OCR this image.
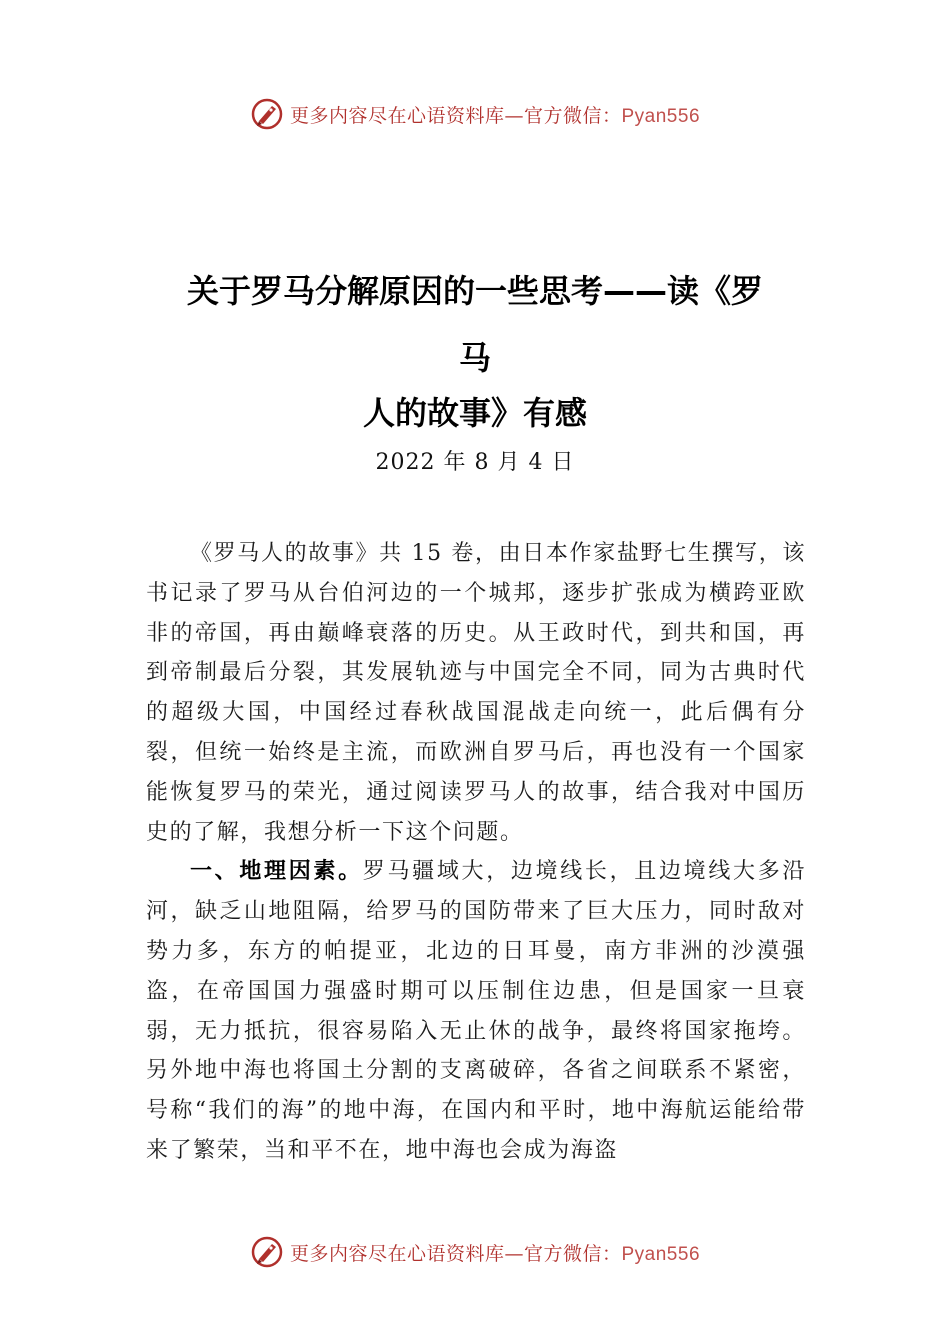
更多内容尽在心语资料库—官方微信：Pyan556
关于罗马分解原因的一些思考——读《罗
马
人的故事》有感
2022 年 8 月 4 日

《罗马人的故事》共 15 卷，由日本作家盐野七生撰写，该书记录了罗马从台伯河边的一个城邦，逐步扩张成为横跨亚欧非的帝国，再由巅峰衰落的历史。从王政时代，到共和国，再到帝制最后分裂，其发展轨迹与中国完全不同，同为古典时代的超级大国，中国经过春秋战国混战走向统一，此后偶有分裂，但统一始终是主流，而欧洲自罗马后，再也没有一个国家能恢复罗马的荣光，通过阅读罗马人的故事，结合我对中国历史的了解，我想分析一下这个问题。

一、地理因素。罗马疆域大，边境线长，且边境线大多沿河，缺乏山地阻隔，给罗马的国防带来了巨大压力，同时敌对势力多，东方的帕提亚，北边的日耳曼，南方非洲的沙漠强盗，在帝国国力强盛时期可以压制住边患，但是国家一旦衰弱，无力抵抗，很容易陷入无止休的战争，最终将国家拖垮。另外地中海也将国土分割的支离破碎，各省之间联系不紧密，号称“我们的海”的地中海，在国内和平时，地中海航运能给带来了繁荣，当和平不在，地中海也会成为海盗

更多内容尽在心语资料库—官方微信：Pyan556
